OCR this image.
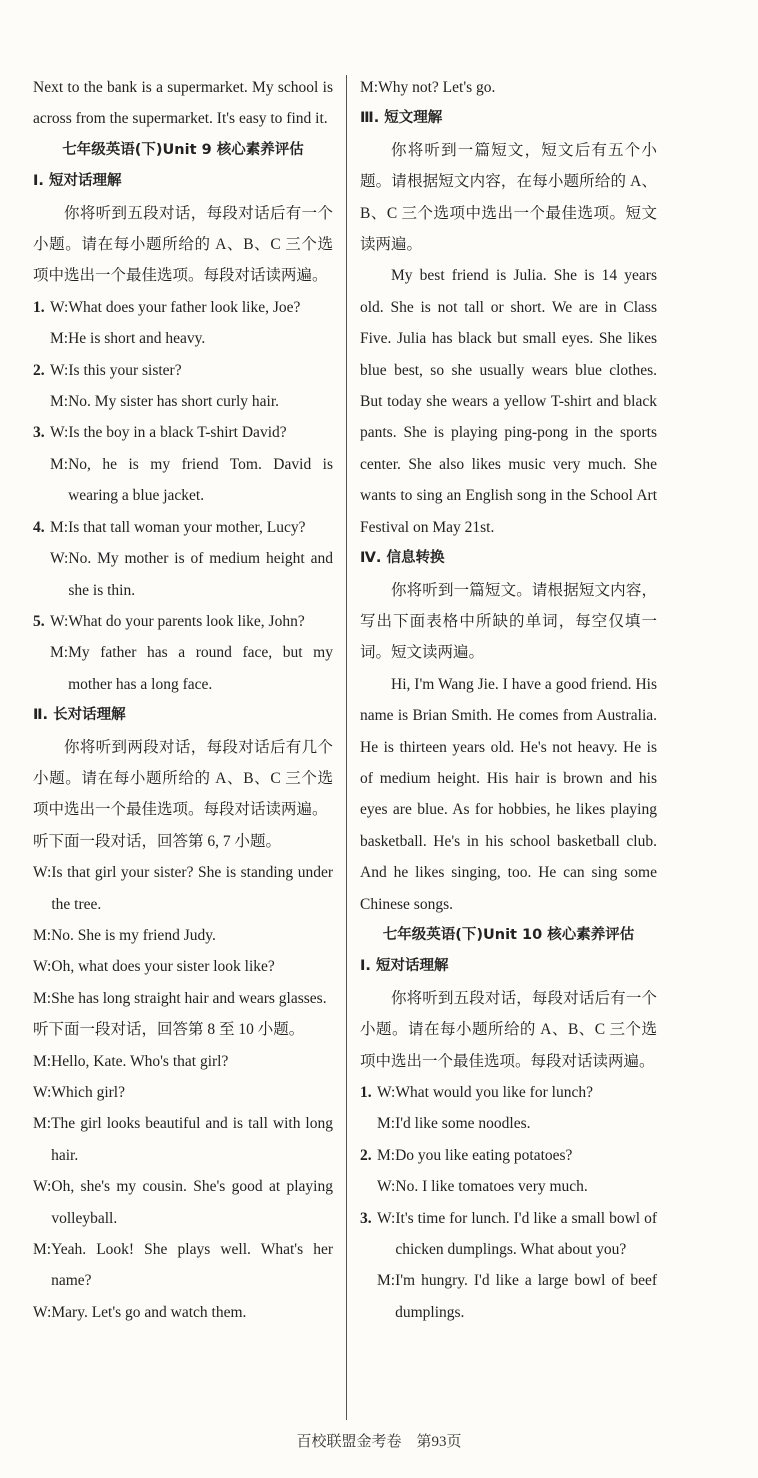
Next to the bank is a supermarket. My school is across from the supermarket. It's easy to find it.

七年级英语(下)Unit 9 核心素养评估
Ⅰ. 短对话理解

你将听到五段对话，每段对话后有一个小题。请在每小题所给的 A、B、C 三个选项中选出一个最佳选项。每段对话读两遍。

1. W: What does your father look like, Joe?
M: He is short and heavy.
2. W: Is this your sister?
M: No. My sister has short curly hair.
3. W: Is the boy in a black T-shirt David?
M: No, he is my friend Tom. David is wearing a blue jacket.
4. M: Is that tall woman your mother, Lucy?
W: No. My mother is of medium height and she is thin.
5. W: What do your parents look like, John?
M: My father has a round face, but my mother has a long face.
Ⅱ. 长对话理解

你将听到两段对话，每段对话后有几个小题。请在每小题所给的 A、B、C 三个选项中选出一个最佳选项。每段对话读两遍。

听下面一段对话，回答第 6, 7 小题。
W: Is that girl your sister? She is standing under the tree.
M: No. She is my friend Judy.
W: Oh, what does your sister look like?
M: She has long straight hair and wears glasses.
听下面一段对话，回答第 8 至 10 小题。
M: Hello, Kate. Who's that girl?
W: Which girl?
M: The girl looks beautiful and is tall with long hair.
W: Oh, she's my cousin. She's good at playing volleyball.
M: Yeah. Look! She plays well. What's her name?
W: Mary. Let's go and watch them.
M: Why not? Let's go.
Ⅲ. 短文理解

你将听到一篇短文，短文后有五个小题。请根据短文内容，在每小题所给的 A、B、C 三个选项中选出一个最佳选项。短文读两遍。

My best friend is Julia. She is 14 years old. She is not tall or short. We are in Class Five. Julia has black but small eyes. She likes blue best, so she usually wears blue clothes. But today she wears a yellow T-shirt and black pants. She is playing ping-pong in the sports center. She also likes music very much. She wants to sing an English song in the School Art Festival on May 21st.

Ⅳ. 信息转换

你将听到一篇短文。请根据短文内容，写出下面表格中所缺的单词，每空仅填一词。短文读两遍。

Hi, I'm Wang Jie. I have a good friend. His name is Brian Smith. He comes from Australia. He is thirteen years old. He's not heavy. He is of medium height. His hair is brown and his eyes are blue. As for hobbies, he likes playing basketball. He's in his school basketball club. And he likes singing, too. He can sing some Chinese songs.

七年级英语(下)Unit 10 核心素养评估
Ⅰ. 短对话理解

你将听到五段对话，每段对话后有一个小题。请在每小题所给的 A、B、C 三个选项中选出一个最佳选项。每段对话读两遍。

1. W: What would you like for lunch?
M: I'd like some noodles.
2. M: Do you like eating potatoes?
W: No. I like tomatoes very much.
3. W: It's time for lunch. I'd like a small bowl of chicken dumplings. What about you?
M: I'm hungry. I'd like a large bowl of beef dumplings.
百校联盟金考卷　第93页
